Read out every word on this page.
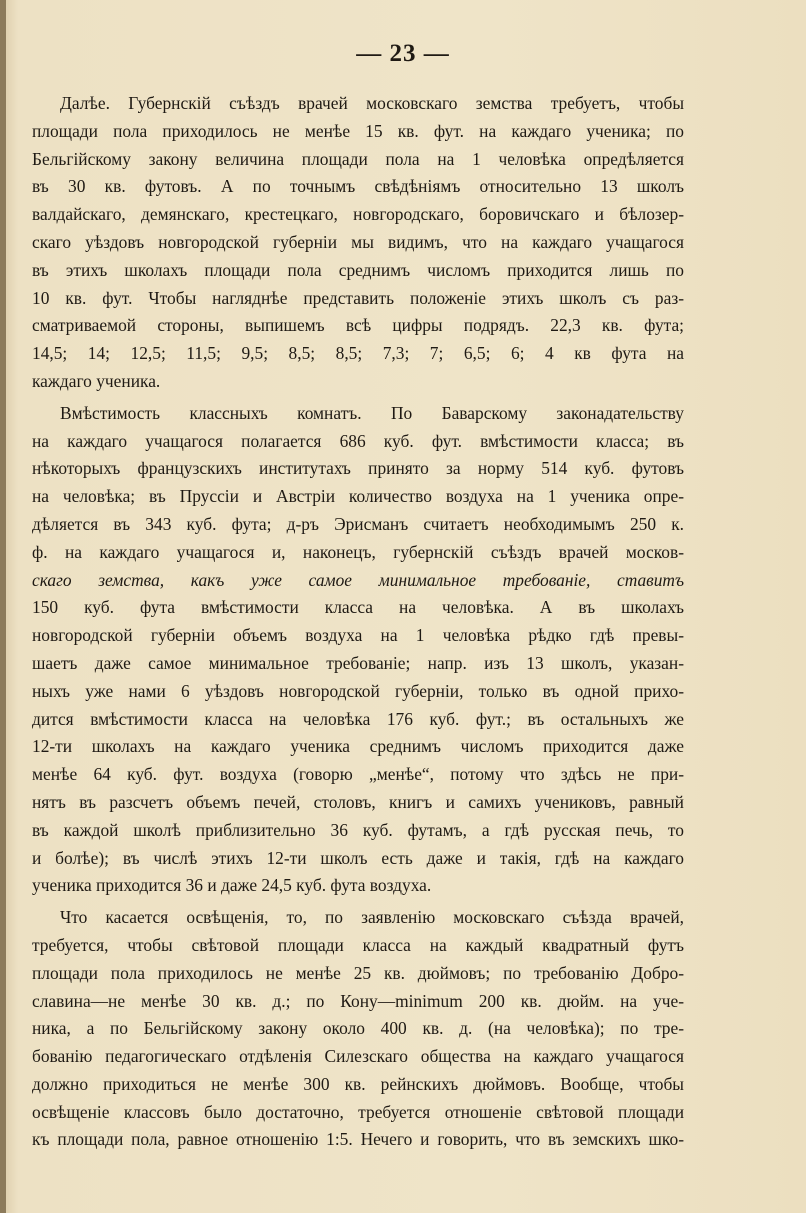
— 23 —
Далѣе. Губернскій съѣздъ врачей московскаго земства требуетъ, чтобы
площади пола приходилось не менѣе 15 кв. фут. на каждаго ученика; по
Бельгійскому закону величина площади пола на 1 человѣка опредѣляется
въ 30 кв. футовъ. А по точнымъ свѣдѣніямъ относительно 13 школъ
валдайскаго, демянскаго, крестецкаго, новгородскаго, боровичскаго и бѣлозер-
скаго уѣздовъ новгородской губерніи мы видимъ, что на каждаго учащагося
въ этихъ школахъ площади пола среднимъ числомъ приходится лишь по
10 кв. фут. Чтобы нагляднѣе представить положеніе этихъ школъ съ раз-
сматриваемой стороны, выпишемъ всѣ цифры подрядъ. 22,3 кв. фута;
14,5; 14; 12,5; 11,5; 9,5; 8,5; 8,5; 7,3; 7; 6,5; 6; 4 кв фута на
каждаго ученика.
Вмѣстимость классныхъ комнатъ. По Баварскому законадательству
на каждаго учащагося полагается 686 куб. фут. вмѣстимости класса; въ
нѣкоторыхъ французскихъ институтахъ принято за норму 514 куб. футовъ
на человѣка; въ Пруссіи и Австріи количество воздуха на 1 ученика опре-
дѣляется въ 343 куб. фута; д-ръ Эрисманъ считаетъ необходимымъ 250 к.
ф. на каждаго учащагося и, наконецъ, губернскій съѣздъ врачей москов-
скаго земства, какъ уже самое минимальное требованіе, ставитъ
150 куб. фута вмѣстимости класса на человѣка. А въ школахъ
новгородской губерніи объемъ воздуха на 1 человѣка рѣдко гдѣ превы-
шаетъ даже самое минимальное требованіе; напр. изъ 13 школъ, указан-
ныхъ уже нами 6 уѣздовъ новгородской губерніи, только въ одной прихо-
дится вмѣстимости класса на человѣка 176 куб. фут.; въ остальныхъ же
12-ти школахъ на каждаго ученика среднимъ числомъ приходится даже
менѣе 64 куб. фут. воздуха (говорю „менѣе“, потому что здѣсь не при-
нятъ въ разсчетъ объемъ печей, столовъ, книгъ и самихъ учениковъ, равный
въ каждой школѣ приблизительно 36 куб. футамъ, а гдѣ русская печь, то
и болѣе); въ числѣ этихъ 12-ти школъ есть даже и такія, гдѣ на каждаго
ученика приходится 36 и даже 24,5 куб. фута воздуха.
Что касается освѣщенія, то, по заявленію московскаго съѣзда врачей,
требуется, чтобы свѣтовой площади класса на каждый квадратный футъ
площади пола приходилось не менѣе 25 кв. дюймовъ; по требованію Добро-
славина—не менѣе 30 кв. д.; по Кону—minimum 200 кв. дюйм. на уче-
ника, а по Бельгійскому закону около 400 кв. д. (на человѣка); по тре-
бованію педагогическаго отдѣленія Силезскаго общества на каждаго учащагося
должно приходиться не менѣе 300 кв. рейнскихъ дюймовъ. Вообще, чтобы
освѣщеніе классовъ было достаточно, требуется отношеніе свѣтовой площади
къ площади пола, равное отношенію 1:5. Нечего и говорить, что въ земскихъ шко-
